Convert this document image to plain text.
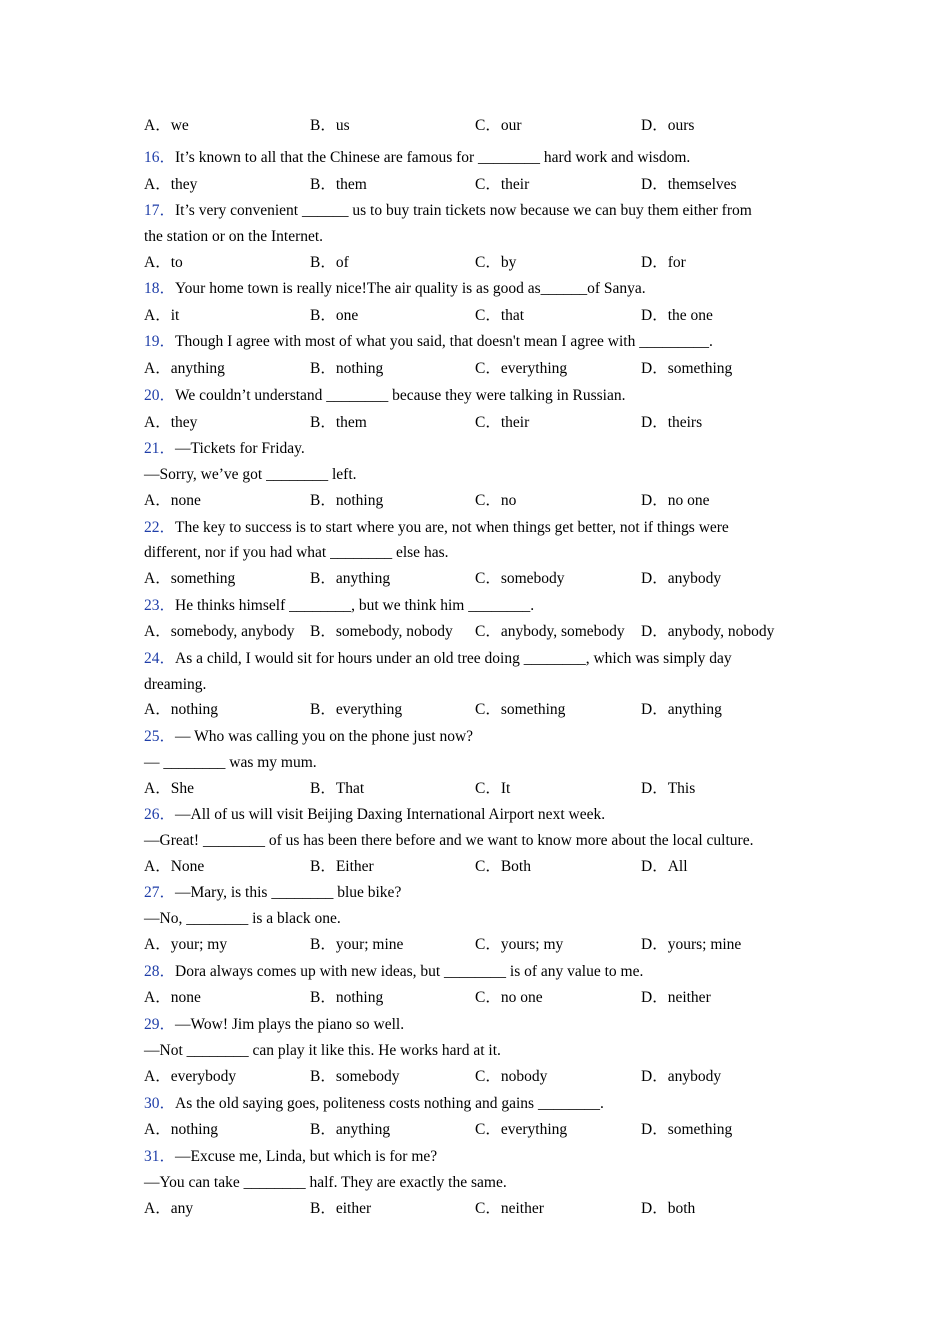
A．we	B．us	C．our	D．ours
16．It’s known to all that the Chinese are famous for ________ hard work and wisdom.
A．they	B．them	C．their	D．themselves
17．It’s very convenient ______ us to buy train tickets now because we can buy them either from
the station or on the Internet.
A．to	B．of	C．by	D．for
18．Your home town is really nice!The air quality is as good as______of Sanya.
A．it	B．one	C．that	D．the one
19．Though I agree with most of what you said, that doesn't mean I agree with _________.
A．anything	B．nothing	C．everything	D．something
20．We couldn’t understand ________ because they were talking in Russian.
A．they	B．them	C．their	D．theirs
21．—Tickets for Friday.
—Sorry, we’ve got ________ left.
A．none	B．nothing	C．no	D．no one
22．The key to success is to start where you are, not when things get better, not if things were
different, nor if you had what ________ else has.
A．something	B．anything	C．somebody	D．anybody
23．He thinks himself ________, but we think him ________.
A．somebody, anybody B．somebody, nobody C．anybody, somebody D．anybody, nobody
24．As a child, I would sit for hours under an old tree doing ________, which was simply day
dreaming.
A．nothing	B．everything	C．something	D．anything
25．— Who was calling you on the phone just now?
— ________ was my mum.
A．She	B．That	C．It	D．This
26．—All of us will visit Beijing Daxing International Airport next week.
—Great! ________ of us has been there before and we want to know more about the local culture.
A．None	B．Either	C．Both	D．All
27．—Mary, is this ________ blue bike?
—No, ________ is a black one.
A．your; my	B．your; mine	C．yours; my	D．yours; mine
28．Dora always comes up with new ideas, but ________ is of any value to me.
A．none	B．nothing	C．no one	D．neither
29．—Wow! Jim plays the piano so well.
—Not ________ can play it like this. He works hard at it.
A．everybody	B．somebody	C．nobody	D．anybody
30．As the old saying goes, politeness costs nothing and gains ________.
A．nothing	B．anything	C．everything	D．something
31．—Excuse me, Linda, but which is for me?
—You can take ________ half. They are exactly the same.
A．any	B．either	C．neither	D．both
